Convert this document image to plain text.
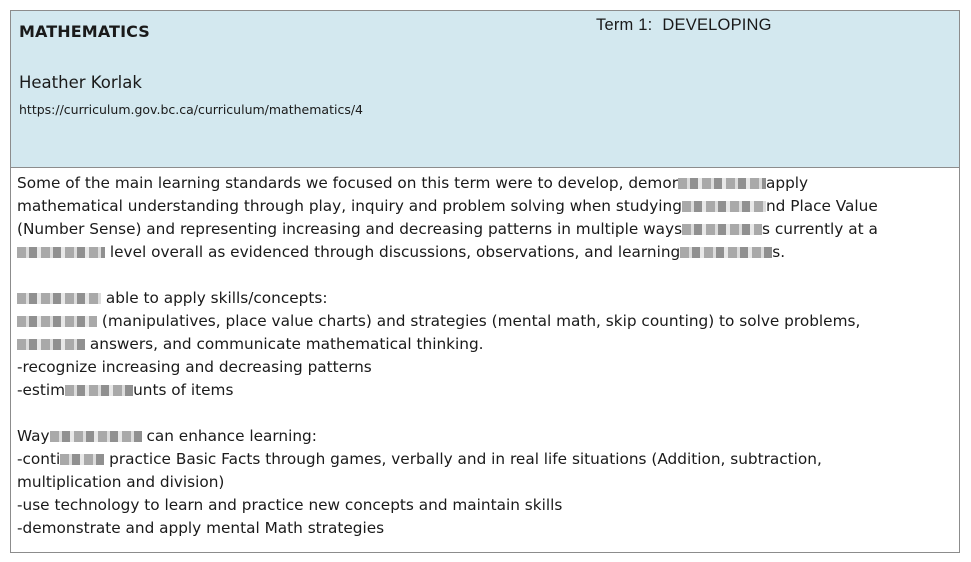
MATHEMATICS	Term 1: DEVELOPING
Heather Korlak
https://curriculum.gov.bc.ca/curriculum/mathematics/4
Some of the main learning standards we focused on this term were to develop, demor	apply
mathematical understanding through play, inquiry and problem solving when studying	nd Place Value
(Number Sense) and representing increasing and decreasing patterns in multiple ways	s currently at a
level overall as evidenced through discussions, observations, and learning	s.
able to apply skills/concepts:
(manipulatives, place value charts) and strategies (mental math, skip counting) to solve problems,
answers, and communicate mathematical thinking.
-recognize increasing and decreasing patterns
-estim	unts of items
Way	can enhance learning:
-conti	practice Basic Facts through games, verbally and in real life situations (Addition, subtraction,
multiplication and division)
-use technology to learn and practice new concepts and maintain skills
-demonstrate and apply mental Math strategies
